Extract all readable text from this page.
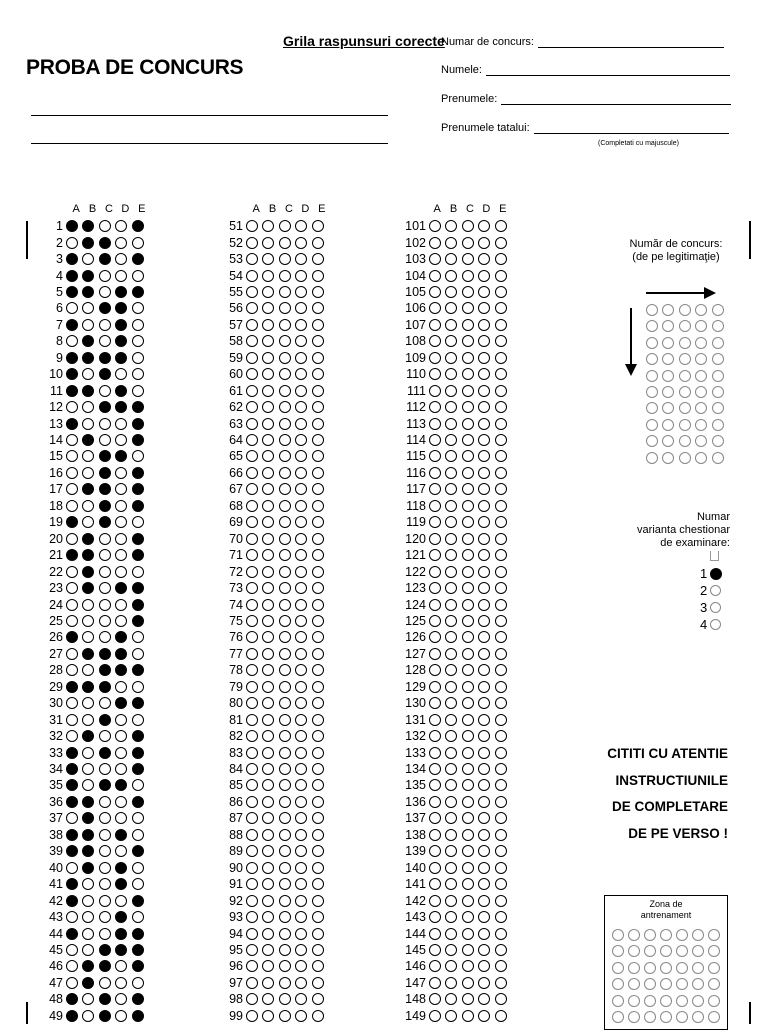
PROBA DE CONCURS
Numar de concurs:
Numele:
Prenumele:
Prenumele tatalui:
(Completati cu majuscule)
Grila raspunsuri corecte
A B C D E
1
2
3
4
5
6
7
8
9
10
11
12
13
14
15
16
17
18
19
20
21
22
23
24
25
26
27
28
29
30
31
32
33
34
35
36
37
38
39
40
41
42
43
44
45
46
47
48
49
A B C D E
51
52
53
54
55
56
57
58
59
60
61
62
63
64
65
66
67
68
69
70
71
72
73
74
75
76
77
78
79
80
81
82
83
84
85
86
87
88
89
90
91
92
93
94
95
96
97
98
99
A B C D E
101
102
103
104
105
106
107
108
109
110
111
112
113
114
115
116
117
118
119
120
121
122
123
124
125
126
127
128
129
130
131
132
133
134
135
136
137
138
139
140
141
142
143
144
145
146
147
148
149
Număr de concurs:
(de pe legitimaţie)
Numar
varianta chestionar
de examinare:
1
2
3
4
CITITI CU ATENTIE
INSTRUCTIUNILE
DE COMPLETARE
DE PE VERSO !
Zona de
antrenament
